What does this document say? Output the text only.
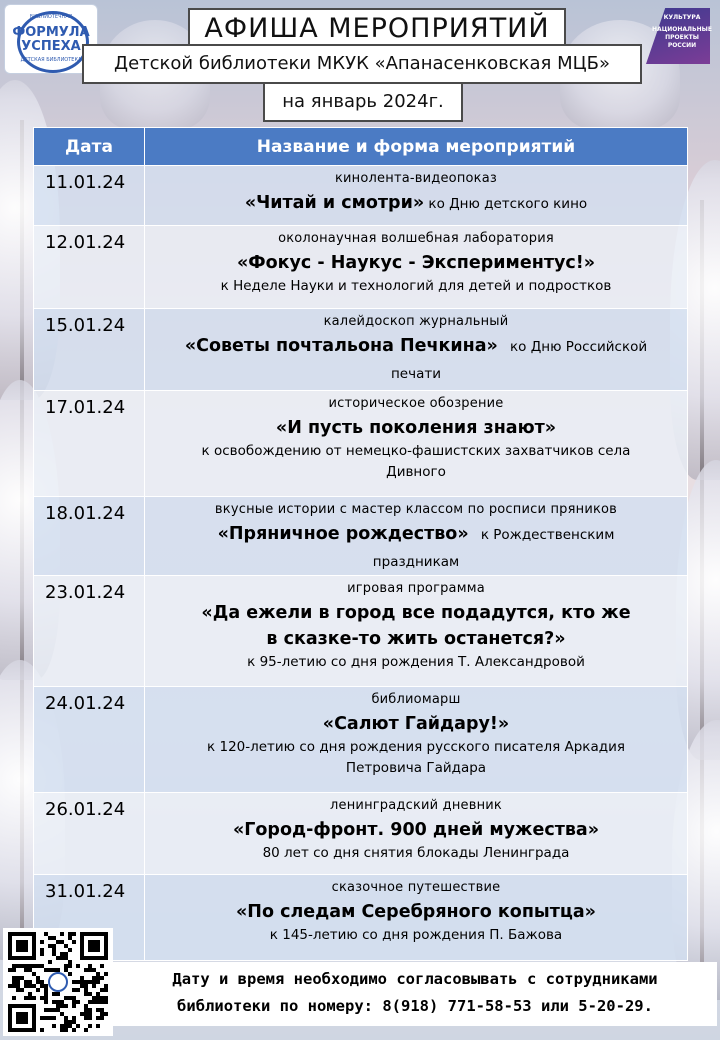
БИБЛИОТЕЧНАЯ
ФОРМУЛА
УСПЕХА
ДЕТСКАЯ БИБЛИОТЕКА
КУЛЬТУРА
НАЦИОНАЛЬНЫЕ
ПРОЕКТЫ
РОССИИ
АФИША МЕРОПРИЯТИЙ
Детской библиотеки МКУК «Апанасенковская МЦБ»
на январь 2024г.
Дата	Название и форма мероприятий
11.01.24	кинолента-видеопоказ
«Читай и смотри» ко Дню детского кино

12.01.24	околонаучная волшебная лаборатория
«Фокус - Наукус - Экспериментус!»
к Неделе Науки и технологий для детей и подростков

15.01.24	калейдоскоп журнальный
«Советы почтальона Печкина» ко Дню Российской печати

17.01.24	историческое обозрение
«И пусть поколения знают»
к освобождению от немецко-фашистских захватчиков села Дивного

18.01.24	вкусные истории с мастер классом по росписи пряников
«Пряничное рождество» к Рождественским праздникам

23.01.24	игровая программа
«Да ежели в город все подадутся, кто же
в сказке-то жить останется?»
к 95-летию со дня рождения Т. Александровой

24.01.24	библиомарш
«Салют Гайдару!»
к 120-летию со дня рождения русского писателя Аркадия Петровича Гайдара

26.01.24	ленинградский дневник
«Город-фронт. 900 дней мужества»
80 лет со дня снятия блокады Ленинграда

31.01.24	сказочное путешествие
«По следам Серебряного копытца»
к 145-летию со дня рождения П. Бажова
Дату и время необходимо согласовывать с сотрудниками
библиотеки по номеру: 8(918) 771-58-53 или 5-20-29.
